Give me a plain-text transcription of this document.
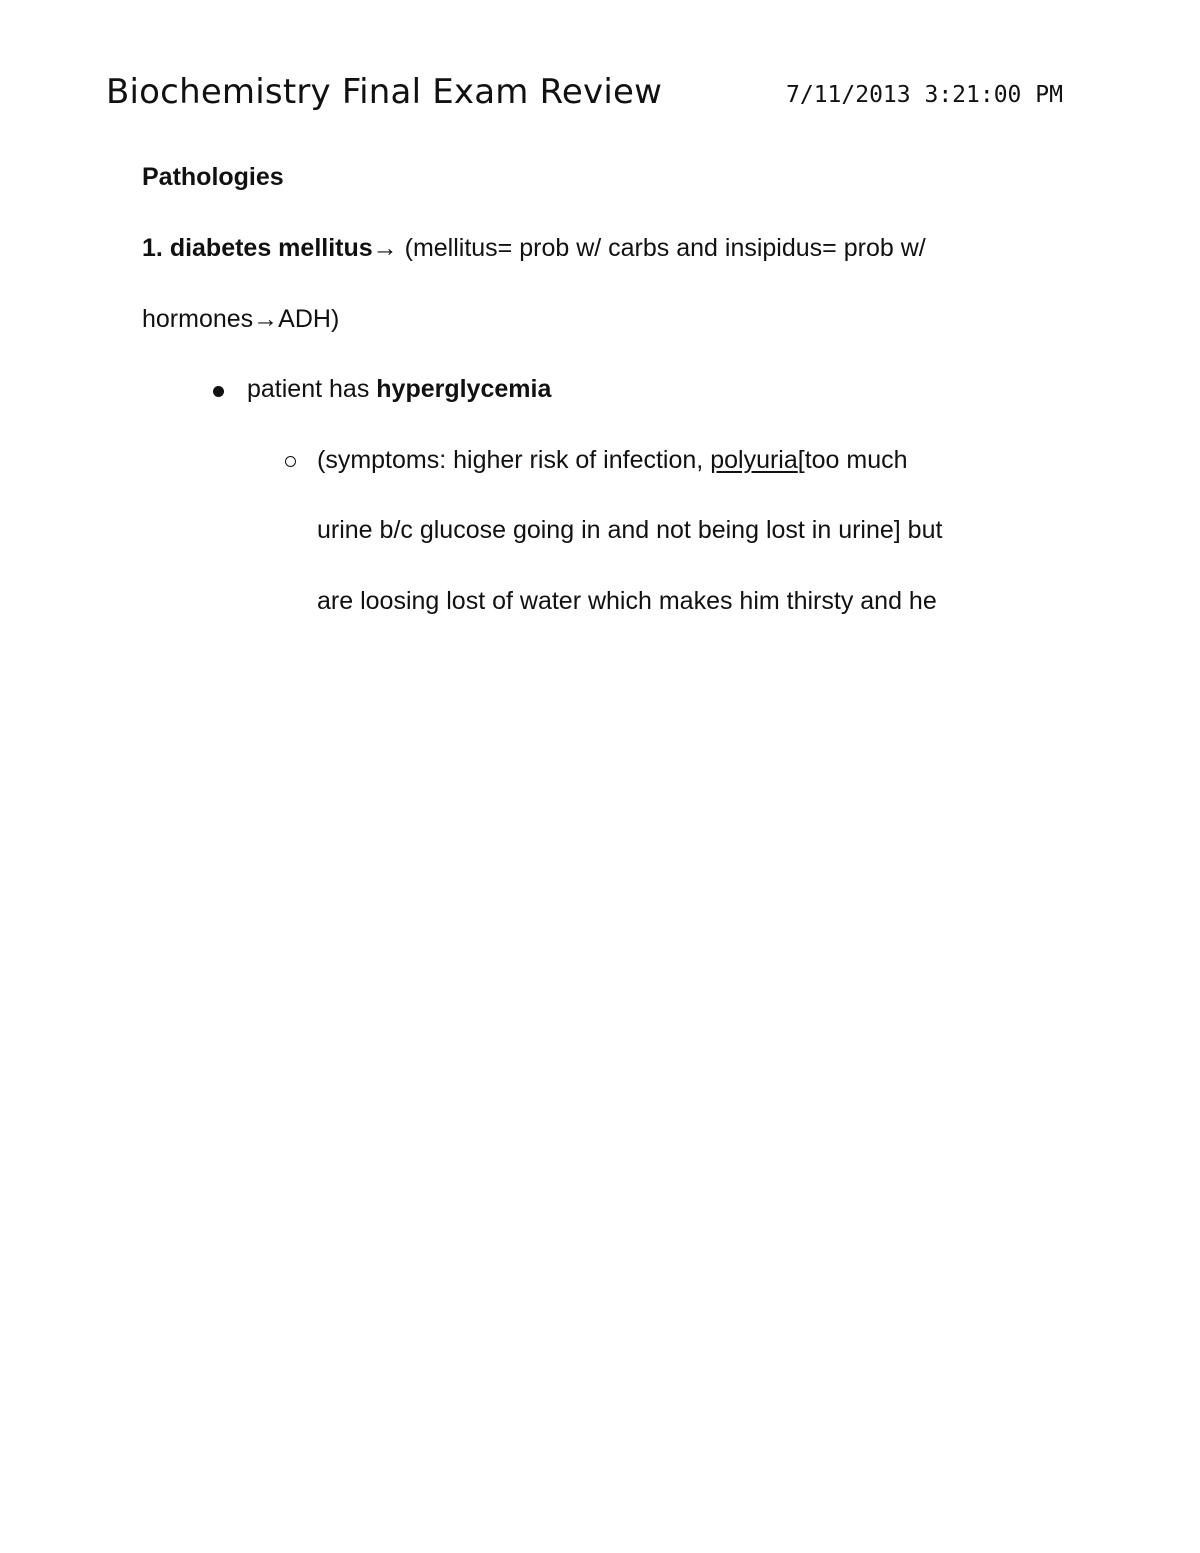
Biochemistry Final Exam Review	7/11/2013 3:21:00 PM
Pathologies
1. diabetes mellitus→ (mellitus= prob w/ carbs and insipidus= prob w/
hormones→ADH)
patient has hyperglycemia
(symptoms: higher risk of infection, polyuria[too much
urine b/c glucose going in and not being lost in urine] but
are loosing lost of water which makes him thirsty and he
